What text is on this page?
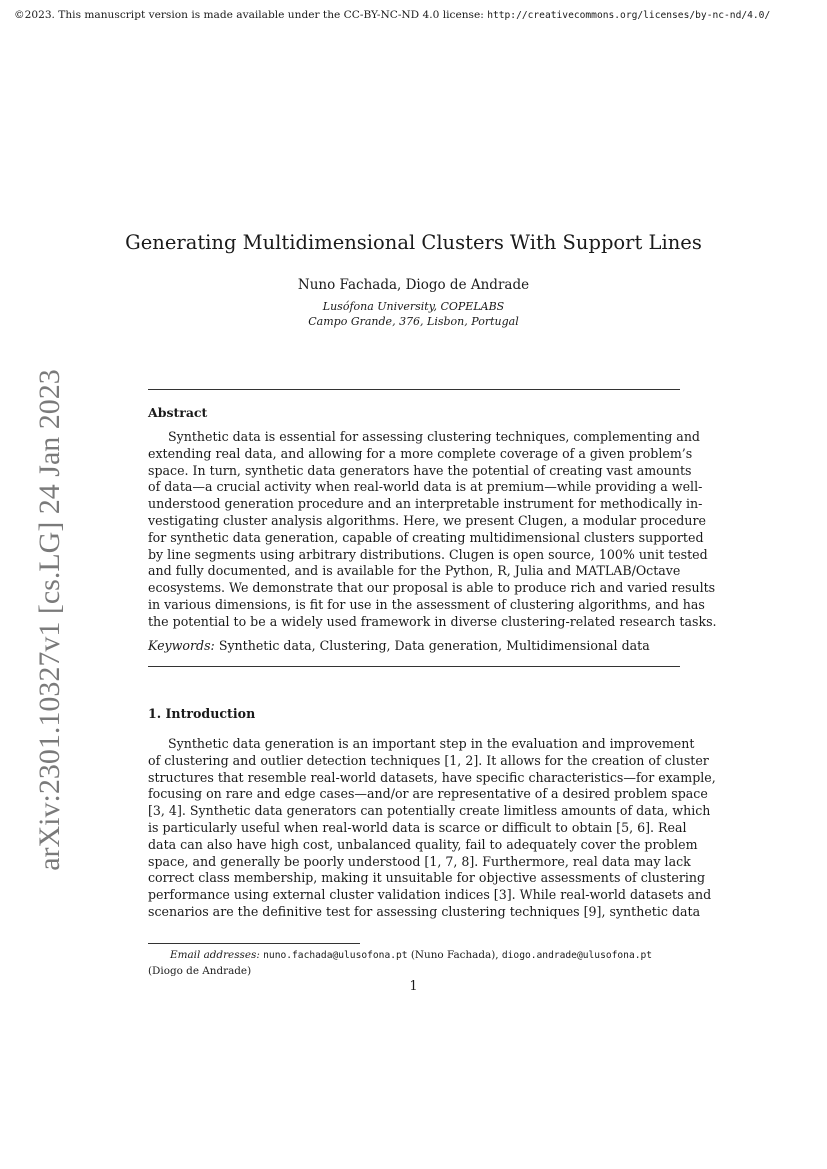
©2023. This manuscript version is made available under the CC-BY-NC-ND 4.0 license: http://creativecommons.org/licenses/by-nc-nd/4.0/
arXiv:2301.10327v1 [cs.LG] 24 Jan 2023
Generating Multidimensional Clusters With Support Lines
Nuno Fachada, Diogo de Andrade
Lusófona University, COPELABS
Campo Grande, 376, Lisbon, Portugal
Abstract
Synthetic data is essential for assessing clustering techniques, complementing and
extending real data, and allowing for a more complete coverage of a given problem’s
space. In turn, synthetic data generators have the potential of creating vast amounts
of data—a crucial activity when real-world data is at premium—while providing a well-
understood generation procedure and an interpretable instrument for methodically in-
vestigating cluster analysis algorithms. Here, we present Clugen, a modular procedure
for synthetic data generation, capable of creating multidimensional clusters supported
by line segments using arbitrary distributions. Clugen is open source, 100% unit tested
and fully documented, and is available for the Python, R, Julia and MATLAB/Octave
ecosystems. We demonstrate that our proposal is able to produce rich and varied results
in various dimensions, is fit for use in the assessment of clustering algorithms, and has
the potential to be a widely used framework in diverse clustering-related research tasks.
Keywords: Synthetic data, Clustering, Data generation, Multidimensional data
1. Introduction
Synthetic data generation is an important step in the evaluation and improvement
of clustering and outlier detection techniques [1, 2]. It allows for the creation of cluster
structures that resemble real-world datasets, have specific characteristics—for example,
focusing on rare and edge cases—and/or are representative of a desired problem space
[3, 4]. Synthetic data generators can potentially create limitless amounts of data, which
is particularly useful when real-world data is scarce or difficult to obtain [5, 6]. Real
data can also have high cost, unbalanced quality, fail to adequately cover the problem
space, and generally be poorly understood [1, 7, 8]. Furthermore, real data may lack
correct class membership, making it unsuitable for objective assessments of clustering
performance using external cluster validation indices [3]. While real-world datasets and
scenarios are the definitive test for assessing clustering techniques [9], synthetic data
Email addresses: nuno.fachada@ulusofona.pt (Nuno Fachada), diogo.andrade@ulusofona.pt
(Diogo de Andrade)
1
